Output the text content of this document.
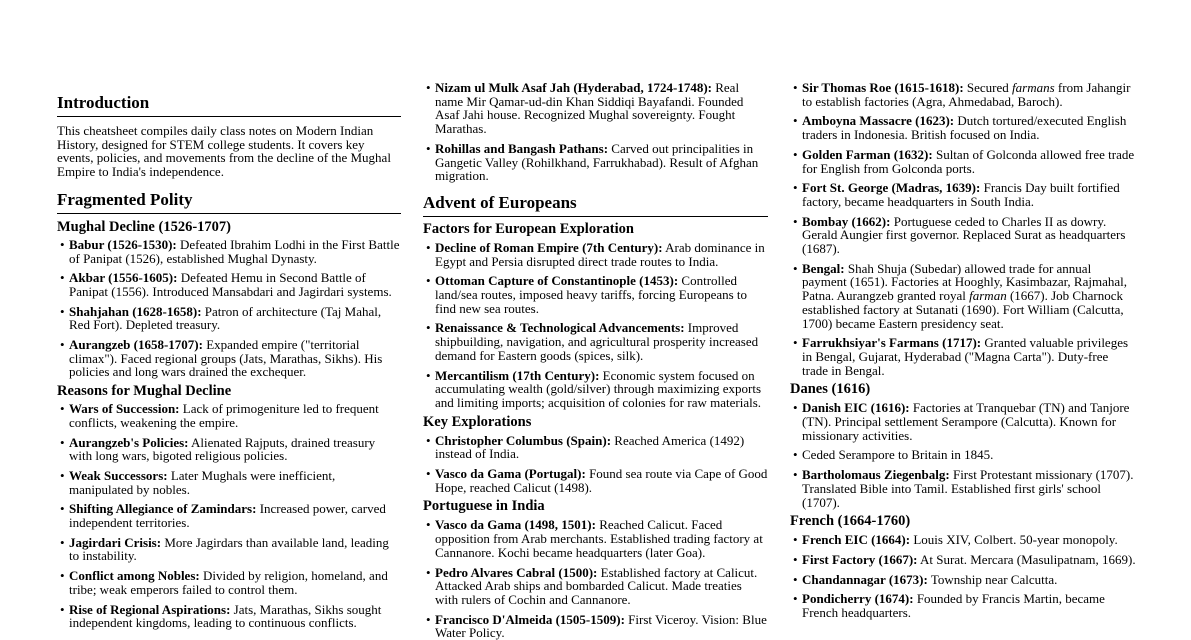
Introduction

This cheatsheet compiles daily class notes on Modern Indian History, designed for STEM college students. It covers key events, policies, and movements from the decline of the Mughal Empire to India's independence.

Fragmented Polity
Mughal Decline (1526-1707)
• Babur (1526-1530): Defeated Ibrahim Lodhi in the First Battle of Panipat (1526), established Mughal Dynasty.
• Akbar (1556-1605): Defeated Hemu in Second Battle of Panipat (1556). Introduced Mansabdari and Jagirdari systems.
• Shahjahan (1628-1658): Patron of architecture (Taj Mahal, Red Fort). Depleted treasury.
• Aurangzeb (1658-1707): Expanded empire ("territorial climax"). Faced regional groups (Jats, Marathas, Sikhs). His policies and long wars drained the exchequer.
Reasons for Mughal Decline
• Wars of Succession: Lack of primogeniture led to frequent conflicts, weakening the empire.
• Aurangzeb's Policies: Alienated Rajputs, drained treasury with long wars, bigoted religious policies.
• Weak Successors: Later Mughals were inefficient, manipulated by nobles.
• Shifting Allegiance of Zamindars: Increased power, carved independent territories.
• Jagirdari Crisis: More Jagirdars than available land, leading to instability.
• Conflict among Nobles: Divided by religion, homeland, and tribe; weak emperors failed to control them.
• Rise of Regional Aspirations: Jats, Marathas, Sikhs sought independent kingdoms, leading to continuous conflicts.
• Nizam ul Mulk Asaf Jah (Hyderabad, 1724-1748): Real name Mir Qamar-ud-din Khan Siddiqi Bayafandi. Founded Asaf Jahi house. Recognized Mughal sovereignty. Fought Marathas.
• Rohillas and Bangash Pathans: Carved out principalities in Gangetic Valley (Rohilkhand, Farrukhabad). Result of Afghan migration.
Advent of Europeans
Factors for European Exploration
• Decline of Roman Empire (7th Century): Arab dominance in Egypt and Persia disrupted direct trade routes to India.
• Ottoman Capture of Constantinople (1453): Controlled land/sea routes, imposed heavy tariffs, forcing Europeans to find new sea routes.
• Renaissance & Technological Advancements: Improved shipbuilding, navigation, and agricultural prosperity increased demand for Eastern goods (spices, silk).
• Mercantilism (17th Century): Economic system focused on accumulating wealth (gold/silver) through maximizing exports and limiting imports; acquisition of colonies for raw materials.
Key Explorations
• Christopher Columbus (Spain): Reached America (1492) instead of India.
• Vasco da Gama (Portugal): Found sea route via Cape of Good Hope, reached Calicut (1498).
Portuguese in India
• Vasco da Gama (1498, 1501): Reached Calicut. Faced opposition from Arab merchants. Established trading factory at Cannanore. Kochi became headquarters (later Goa).
• Pedro Alvares Cabral (1500): Established factory at Calicut. Attacked Arab ships and bombarded Calicut. Made treaties with rulers of Cochin and Cannanore.
• Francisco D'Almeida (1505-1509): First Viceroy. Vision: Blue Water Policy.
• Sir Thomas Roe (1615-1618): Secured farmans from Jahangir to establish factories (Agra, Ahmedabad, Baroch).
• Amboyna Massacre (1623): Dutch tortured/executed English traders in Indonesia. British focused on India.
• Golden Farman (1632): Sultan of Golconda allowed free trade for English from Golconda ports.
• Fort St. George (Madras, 1639): Francis Day built fortified factory, became headquarters in South India.
• Bombay (1662): Portuguese ceded to Charles II as dowry. Gerald Aungier first governor. Replaced Surat as headquarters (1687).
• Bengal: Shah Shuja (Subedar) allowed trade for annual payment (1651). Factories at Hooghly, Kasimbazar, Rajmahal, Patna. Aurangzeb granted royal farman (1667). Job Charnock established factory at Sutanati (1690). Fort William (Calcutta, 1700) became Eastern presidency seat.
• Farrukhsiyar's Farmans (1717): Granted valuable privileges in Bengal, Gujarat, Hyderabad ("Magna Carta"). Duty-free trade in Bengal.
Danes (1616)
• Danish EIC (1616): Factories at Tranquebar (TN) and Tanjore (TN). Principal settlement Serampore (Calcutta). Known for missionary activities.
• Ceded Serampore to Britain in 1845.
• Bartholomaus Ziegenbalg: First Protestant missionary (1707). Translated Bible into Tamil. Established first girls' school (1707).
French (1664-1760)
• French EIC (1664): Louis XIV, Colbert. 50-year monopoly.
• First Factory (1667): At Surat. Mercara (Masulipatnam, 1669).
• Chandannagar (1673): Township near Calcutta.
• Pondicherry (1674): Founded by Francis Martin, became French headquarters.
